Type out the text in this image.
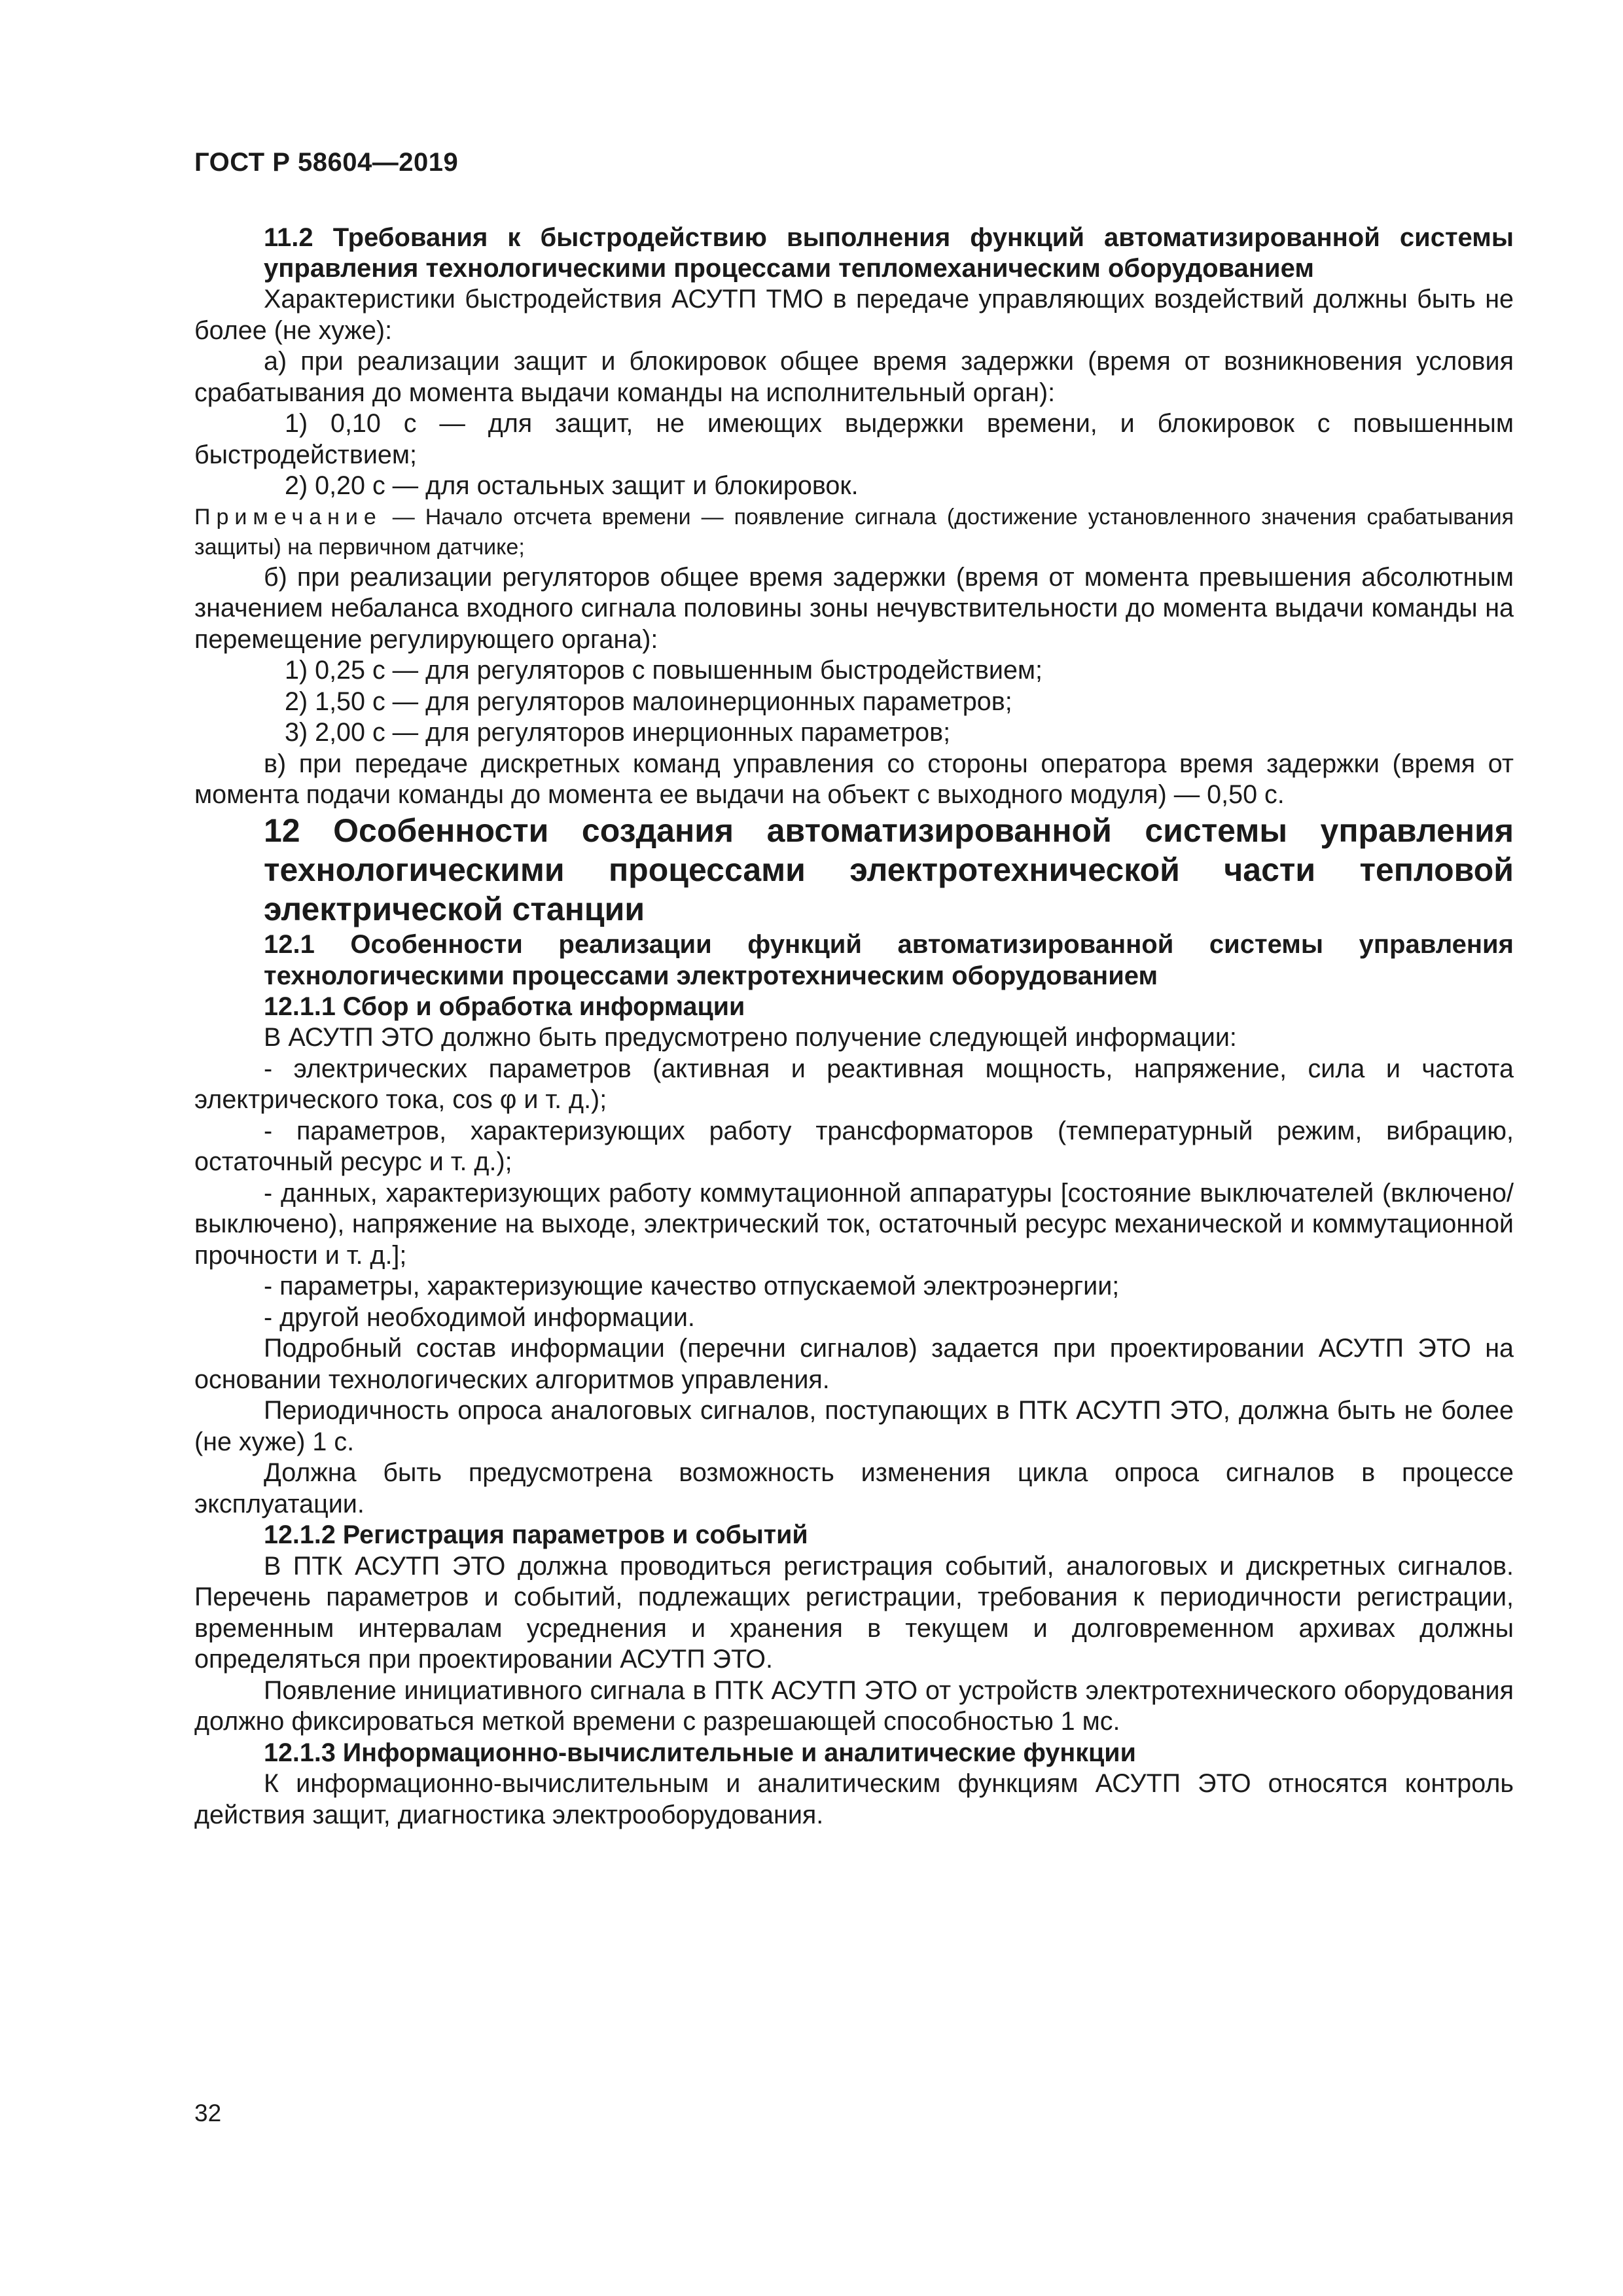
ГОСТ Р 58604—2019

11.2 Требования к быстродействию выполнения функций автоматизированной системы управления технологическими процессами тепломеханическим оборудованием

Характеристики быстродействия АСУТП ТМО в передаче управляющих воздействий должны быть не более (не хуже):

а) при реализации защит и блокировок общее время задержки (время от возникновения условия срабатывания до момента выдачи команды на исполнительный орган):

1) 0,10 с — для защит, не имеющих выдержки времени, и блокировок с повышенным быстродействием;

2) 0,20 с — для остальных защит и блокировок.

Примечание — Начало отсчета времени — появление сигнала (достижение установленного значения срабатывания защиты) на первичном датчике;

б) при реализации регуляторов общее время задержки (время от момента превышения абсолютным значением небаланса входного сигнала половины зоны нечувствительности до момента выдачи команды на перемещение регулирующего органа):

1) 0,25 с — для регуляторов с повышенным быстродействием;

2) 1,50 с — для регуляторов малоинерционных параметров;

3) 2,00 с — для регуляторов инерционных параметров;

в) при передаче дискретных команд управления со стороны оператора время задержки (время от момента подачи команды до момента ее выдачи на объект с выходного модуля) — 0,50 с.

12 Особенности создания автоматизированной системы управления технологическими процессами электротехнической части тепловой электрической станции

12.1 Особенности реализации функций автоматизированной системы управления технологическими процессами электротехническим оборудованием

12.1.1 Сбор и обработка информации

В АСУТП ЭТО должно быть предусмотрено получение следующей информации:

- электрических параметров (активная и реактивная мощность, напряжение, сила и частота электрического тока, cos φ и т. д.);

- параметров, характеризующих работу трансформаторов (температурный режим, вибрацию, остаточный ресурс и т. д.);

- данных, характеризующих работу коммутационной аппаратуры [состояние выключателей (включено/выключено), напряжение на выходе, электрический ток, остаточный ресурс механической и коммутационной прочности и т. д.];

- параметры, характеризующие качество отпускаемой электроэнергии;

- другой необходимой информации.

Подробный состав информации (перечни сигналов) задается при проектировании АСУТП ЭТО на основании технологических алгоритмов управления.

Периодичность опроса аналоговых сигналов, поступающих в ПТК АСУТП ЭТО, должна быть не более (не хуже) 1 с.

Должна быть предусмотрена возможность изменения цикла опроса сигналов в процессе эксплуатации.

12.1.2 Регистрация параметров и событий

В ПТК АСУТП ЭТО должна проводиться регистрация событий, аналоговых и дискретных сигналов. Перечень параметров и событий, подлежащих регистрации, требования к периодичности регистрации, временным интервалам усреднения и хранения в текущем и долговременном архивах должны определяться при проектировании АСУТП ЭТО.

Появление инициативного сигнала в ПТК АСУТП ЭТО от устройств электротехнического оборудования должно фиксироваться меткой времени с разрешающей способностью 1 мс.

12.1.3 Информационно-вычислительные и аналитические функции

К информационно-вычислительным и аналитическим функциям АСУТП ЭТО относятся контроль действия защит, диагностика электрооборудования.

32
